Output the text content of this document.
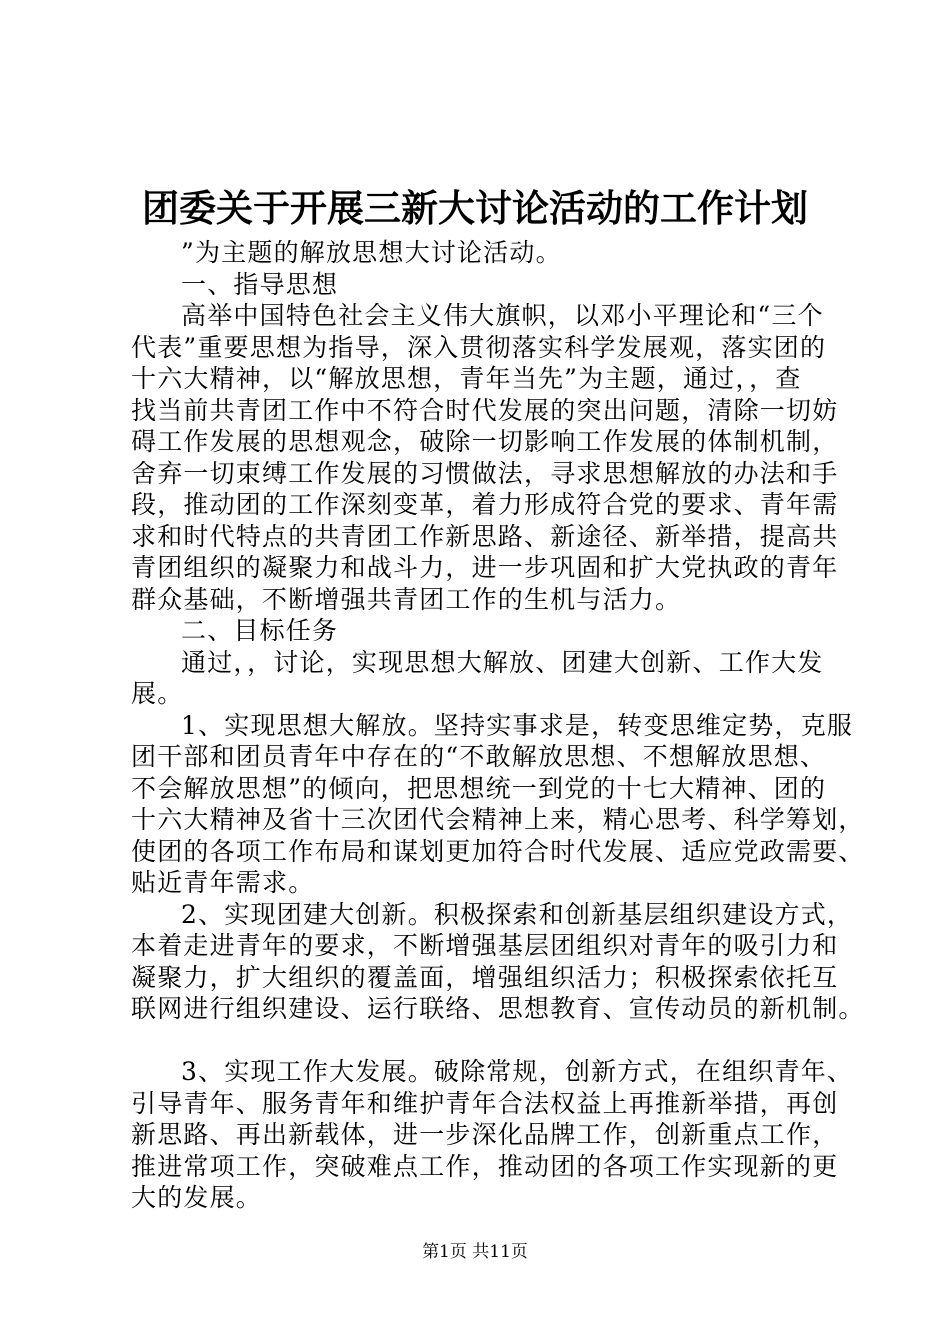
团委关于开展三新大讨论活动的工作计划
”为主题的解放思想大讨论活动。
一、指导思想
高举中国特色社会主义伟大旗帜，以邓小平理论和“三个
代表”重要思想为指导，深入贯彻落实科学发展观，落实团的
十六大精神，以“解放思想，青年当先”为主题，通过，，查
找当前共青团工作中不符合时代发展的突出问题，清除一切妨
碍工作发展的思想观念，破除一切影响工作发展的体制机制，
舍弃一切束缚工作发展的习惯做法，寻求思想解放的办法和手
段，推动团的工作深刻变革，着力形成符合党的要求、青年需
求和时代特点的共青团工作新思路、新途径、新举措，提高共
青团组织的凝聚力和战斗力，进一步巩固和扩大党执政的青年
群众基础，不断增强共青团工作的生机与活力。
二、目标任务
通过，，讨论，实现思想大解放、团建大创新、工作大发
展。
1、实现思想大解放。坚持实事求是，转变思维定势，克服
团干部和团员青年中存在的“不敢解放思想、不想解放思想、
不会解放思想”的倾向，把思想统一到党的十七大精神、团的
十六大精神及省十三次团代会精神上来，精心思考、科学筹划，
使团的各项工作布局和谋划更加符合时代发展、适应党政需要、
贴近青年需求。
2、实现团建大创新。积极探索和创新基层组织建设方式，
本着走进青年的要求，不断增强基层团组织对青年的吸引力和
凝聚力，扩大组织的覆盖面，增强组织活力；积极探索依托互
联网进行组织建设、运行联络、思想教育、宣传动员的新机制。
3、实现工作大发展。破除常规，创新方式，在组织青年、
引导青年、服务青年和维护青年合法权益上再推新举措，再创
新思路、再出新载体，进一步深化品牌工作，创新重点工作，
推进常项工作，突破难点工作，推动团的各项工作实现新的更
大的发展。
第1页 共11页
